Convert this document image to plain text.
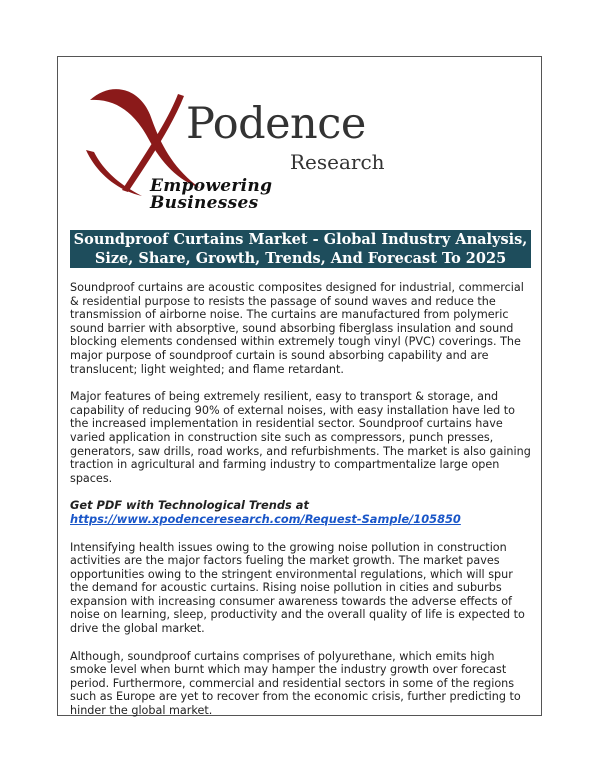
Podence
Research
Empowering Businesses
Soundproof Curtains Market - Global Industry Analysis,
Size, Share, Growth, Trends, And Forecast To 2025

Soundproof curtains are acoustic composites designed for industrial, commercial & residential purpose to resists the passage of sound waves and reduce the transmission of airborne noise. The curtains are manufactured from polymeric sound barrier with absorptive, sound absorbing fiberglass insulation and sound blocking elements condensed within extremely tough vinyl (PVC) coverings. The major purpose of soundproof curtain is sound absorbing capability and are translucent; light weighted; and flame retardant.

Major features of being extremely resilient, easy to transport & storage, and capability of reducing 90% of external noises, with easy installation have led to the increased implementation in residential sector. Soundproof curtains have varied application in construction site such as compressors, punch presses, generators, saw drills, road works, and refurbishments. The market is also gaining traction in agricultural and farming industry to compartmentalize large open spaces.

Get PDF with Technological Trends at https://www.xpodenceresearch.com/Request-Sample/105850

Intensifying health issues owing to the growing noise pollution in construction activities are the major factors fueling the market growth. The market paves opportunities owing to the stringent environmental regulations, which will spur the demand for acoustic curtains. Rising noise pollution in cities and suburbs expansion with increasing consumer awareness towards the adverse effects of noise on learning, sleep, productivity and the overall quality of life is expected to drive the global market.

Although, soundproof curtains comprises of polyurethane, which emits high smoke level when burnt which may hamper the industry growth over forecast period. Furthermore, commercial and residential sectors in some of the regions such as Europe are yet to recover from the economic crisis, further predicting to hinder the global market.
